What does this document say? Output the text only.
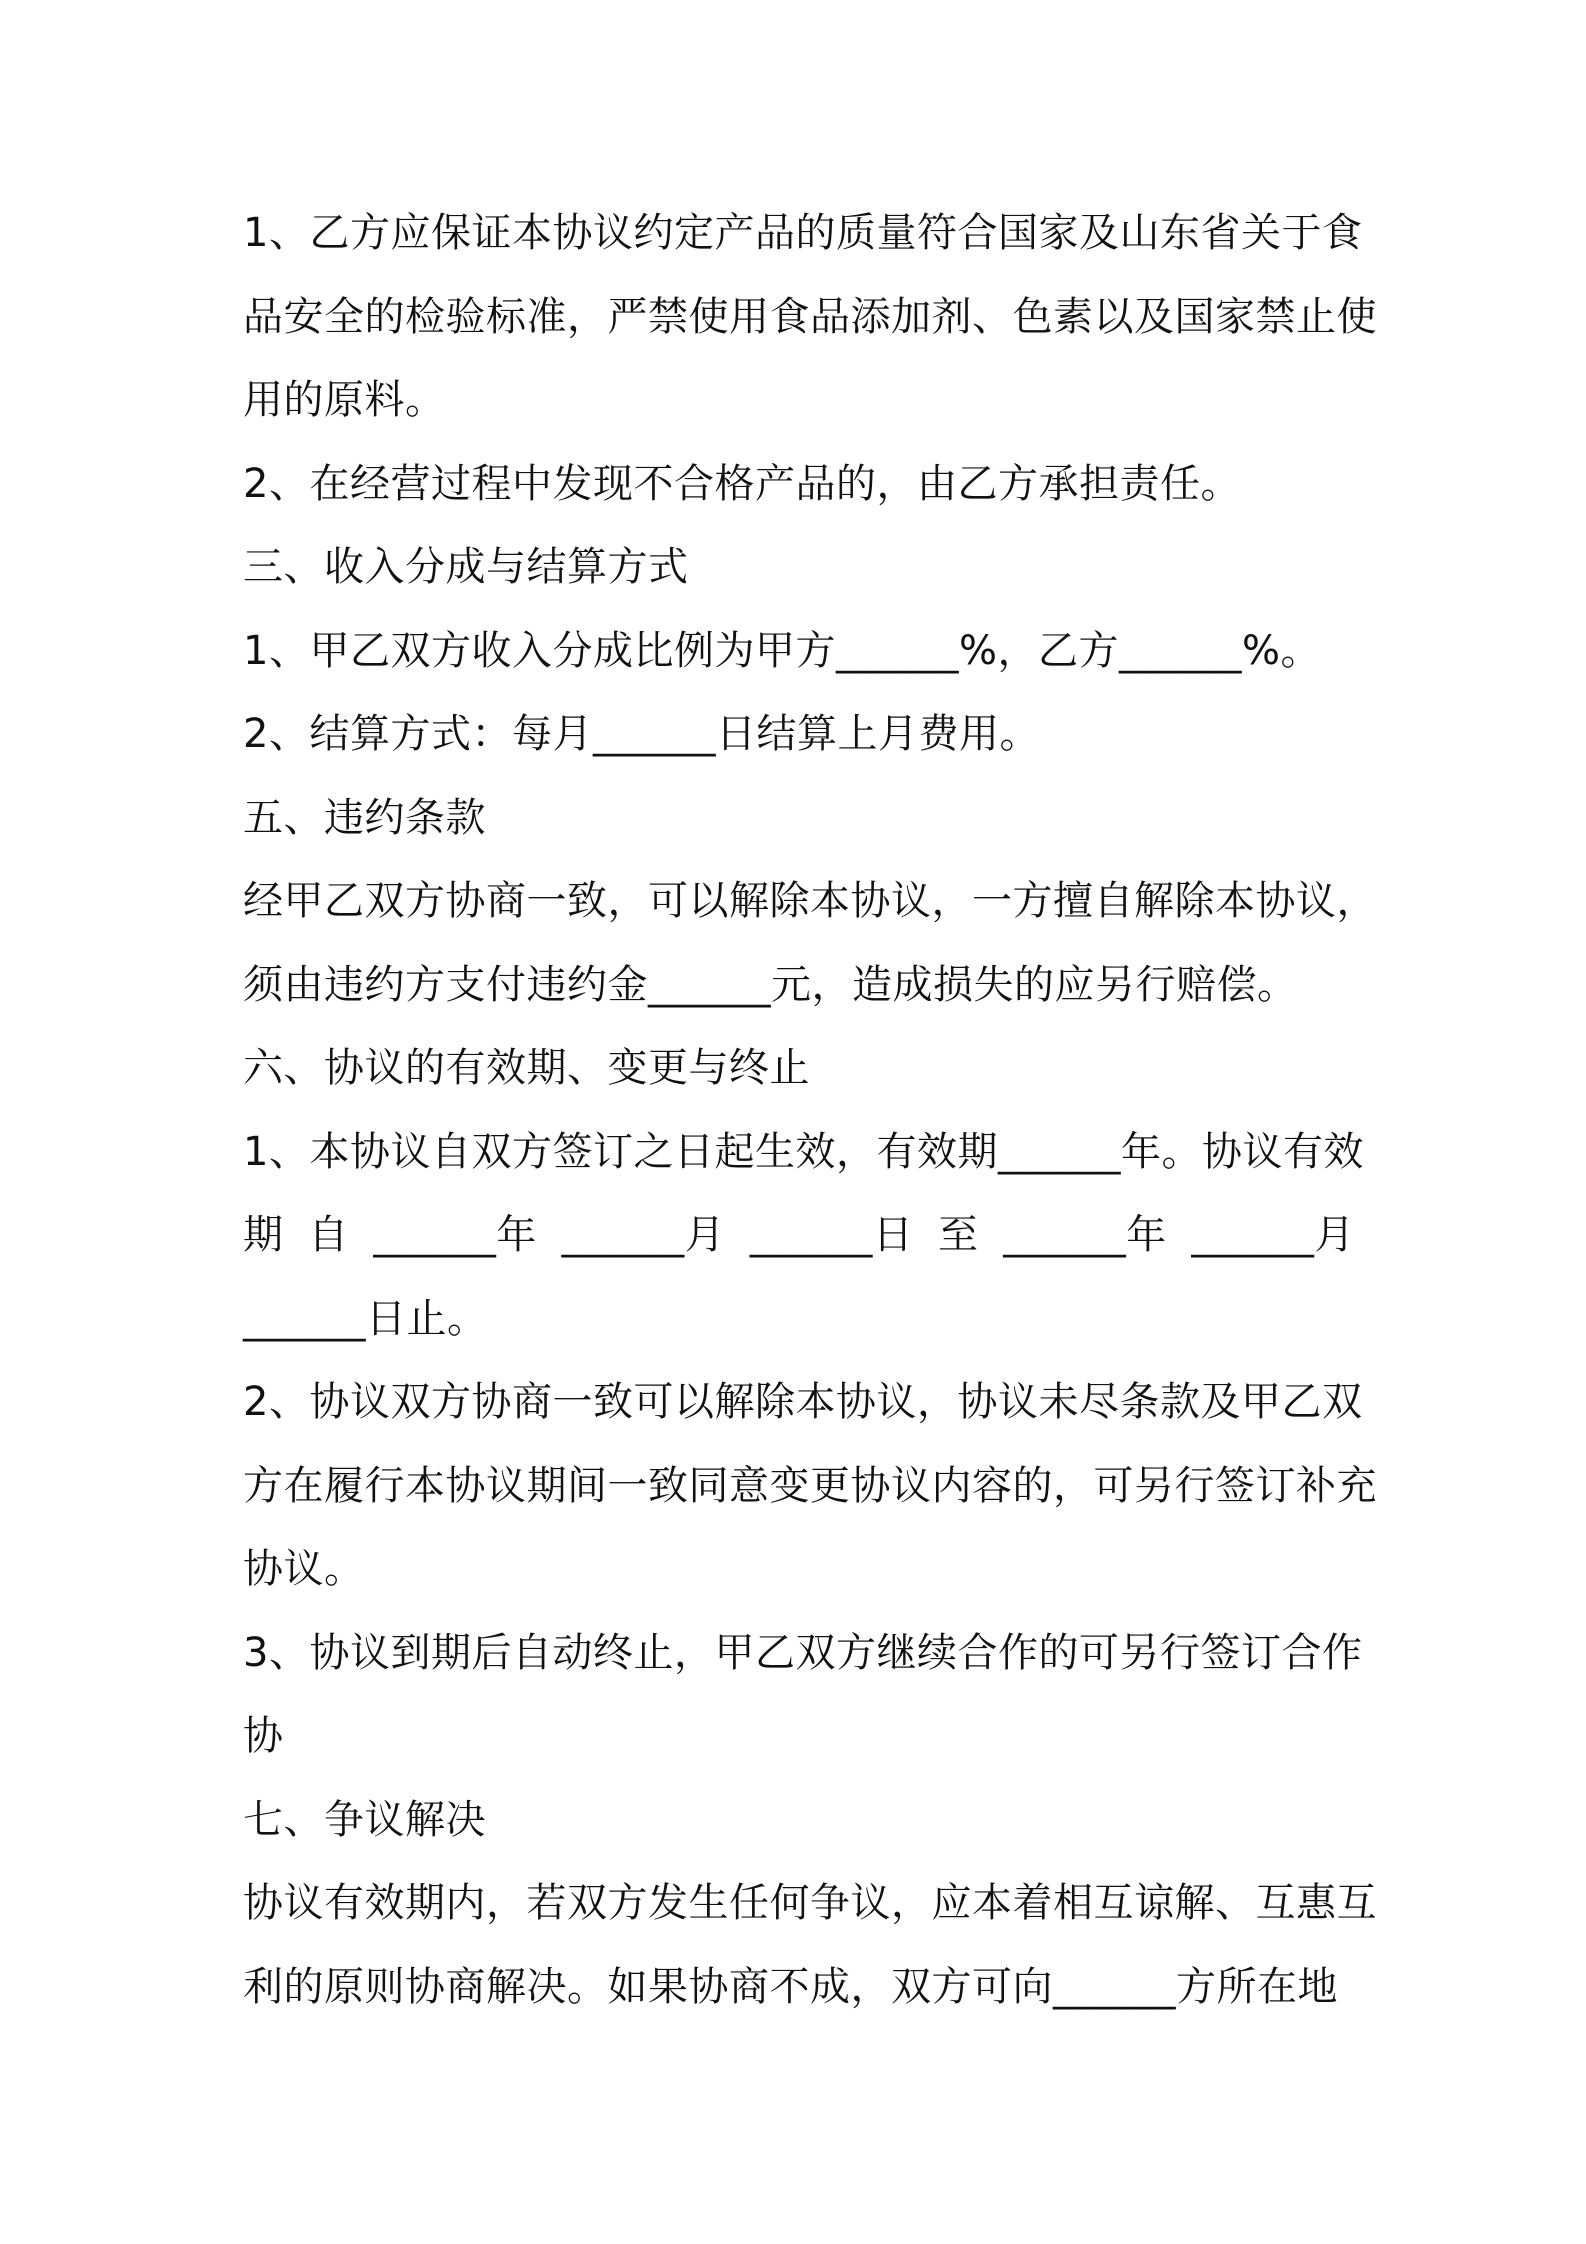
1、乙方应保证本协议约定产品的质量符合国家及山东省关于食
品安全的检验标准，严禁使用食品添加剂、色素以及国家禁止使
用的原料。
2、在经营过程中发现不合格产品的，由乙方承担责任。
三、收入分成与结算方式
1、甲乙双方收入分成比例为甲方______%，乙方______%。
2、结算方式：每月______日结算上月费用。
五、违约条款
经甲乙双方协商一致，可以解除本协议，一方擅自解除本协议，
须由违约方支付违约金______元，造成损失的应另行赔偿。
六、协议的有效期、变更与终止
1、本协议自双方签订之日起生效，有效期______年。协议有效
期 自 ______年 ______月 ______日 至 ______年 ______月
______日止。
2、协议双方协商一致可以解除本协议，协议未尽条款及甲乙双
方在履行本协议期间一致同意变更协议内容的，可另行签订补充
协议。
3、协议到期后自动终止，甲乙双方继续合作的可另行签订合作
协
七、争议解决
协议有效期内，若双方发生任何争议，应本着相互谅解、互惠互
利的原则协商解决。如果协商不成，双方可向______方所在地
